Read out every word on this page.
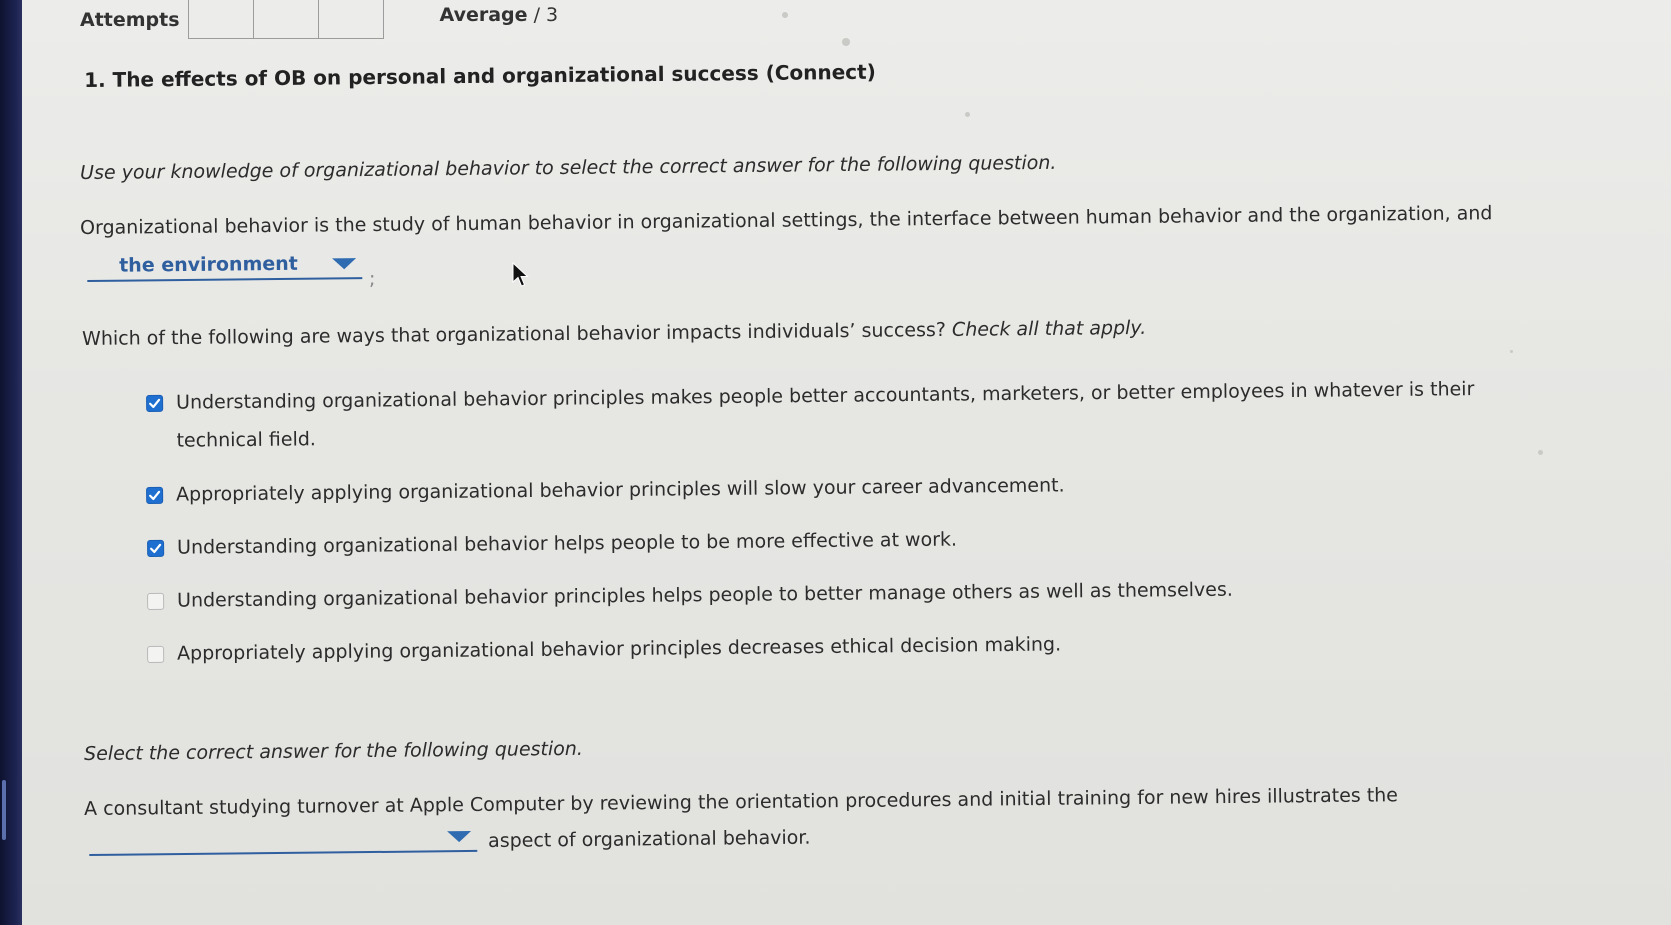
Attempts	Average / 3
1. The effects of OB on personal and organizational success (Connect)
Use your knowledge of organizational behavior to select the correct answer for the following question.
Organizational behavior is the study of human behavior in organizational settings, the interface between human behavior and the organization, and
the environment
;
Which of the following are ways that organizational behavior impacts individuals’ success? Check all that apply.
Understanding organizational behavior principles makes people better accountants, marketers, or better employees in whatever is their
technical field.
Appropriately applying organizational behavior principles will slow your career advancement.
Understanding organizational behavior helps people to be more effective at work.
Understanding organizational behavior principles helps people to better manage others as well as themselves.
Appropriately applying organizational behavior principles decreases ethical decision making.
Select the correct answer for the following question.
A consultant studying turnover at Apple Computer by reviewing the orientation procedures and initial training for new hires illustrates the
aspect of organizational behavior.
